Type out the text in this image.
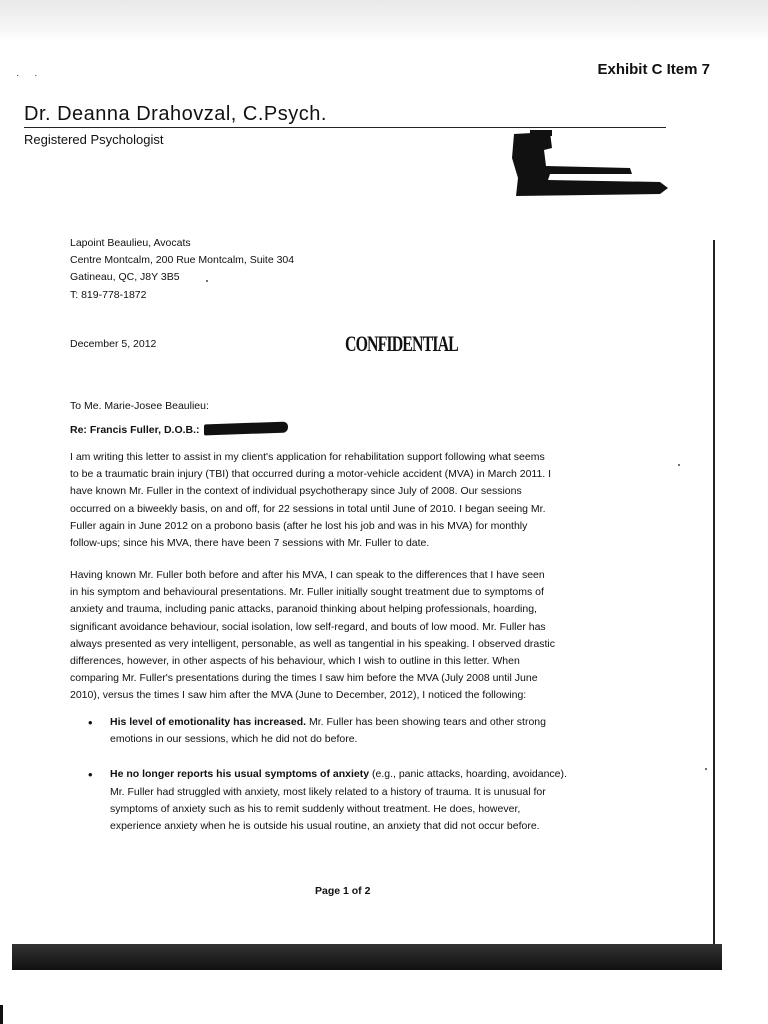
Exhibit C Item 7
· ·
Dr. Deanna Drahovzal, C.Psych.
Registered Psychologist
Lapoint Beaulieu, Avocats
Centre Montcalm, 200 Rue Montcalm, Suite 304
Gatineau, QC, J8Y 3B5
T: 819-778-1872
December 5, 2012	CONFIDENTIAL
To Me. Marie-Josee Beaulieu:
Re: Francis Fuller, D.O.B.:

I am writing this letter to assist in my client's application for rehabilitation support following what seems
to be a traumatic brain injury (TBI) that occurred during a motor-vehicle accident (MVA) in March 2011. I
have known Mr. Fuller in the context of individual psychotherapy since July of 2008. Our sessions
occurred on a biweekly basis, on and off, for 22 sessions in total until June of 2010. I began seeing Mr.
Fuller again in June 2012 on a probono basis (after he lost his job and was in his MVA) for monthly
follow-ups; since his MVA, there have been 7 sessions with Mr. Fuller to date.

Having known Mr. Fuller both before and after his MVA, I can speak to the differences that I have seen
in his symptom and behavioural presentations. Mr. Fuller initially sought treatment due to symptoms of
anxiety and trauma, including panic attacks, paranoid thinking about helping professionals, hoarding,
significant avoidance behaviour, social isolation, low self-regard, and bouts of low mood. Mr. Fuller has
always presented as very intelligent, personable, as well as tangential in his speaking. I observed drastic
differences, however, in other aspects of his behaviour, which I wish to outline in this letter. When
comparing Mr. Fuller's presentations during the times I saw him before the MVA (July 2008 until June
2010), versus the times I saw him after the MVA (June to December, 2012), I noticed the following:

• His level of emotionality has increased. Mr. Fuller has been showing tears and other strong
emotions in our sessions, which he did not do before.
• He no longer reports his usual symptoms of anxiety (e.g., panic attacks, hoarding, avoidance).
Mr. Fuller had struggled with anxiety, most likely related to a history of trauma. It is unusual for
symptoms of anxiety such as his to remit suddenly without treatment. He does, however,
experience anxiety when he is outside his usual routine, an anxiety that did not occur before.
Page 1 of 2
